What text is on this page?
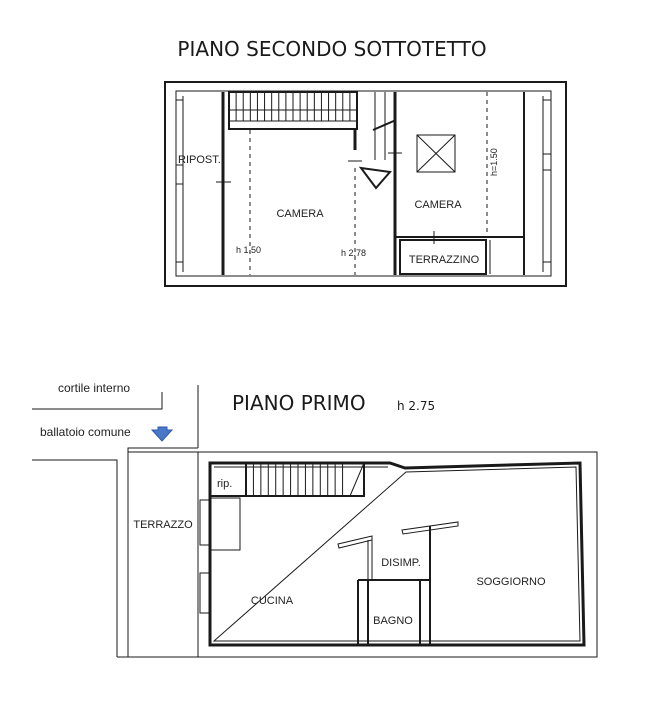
PIANO SECONDO SOTTOTETTO
RIPOST.
CAMERA
CAMERA
TERRAZZINO
h 1.50	h 2.78
h=1.50
PIANO PRIMO	h 2.75
cortile interno
ballatoio comune
TERRAZZO
rip.
CUCINA
DISIMP.
BAGNO
SOGGIORNO
